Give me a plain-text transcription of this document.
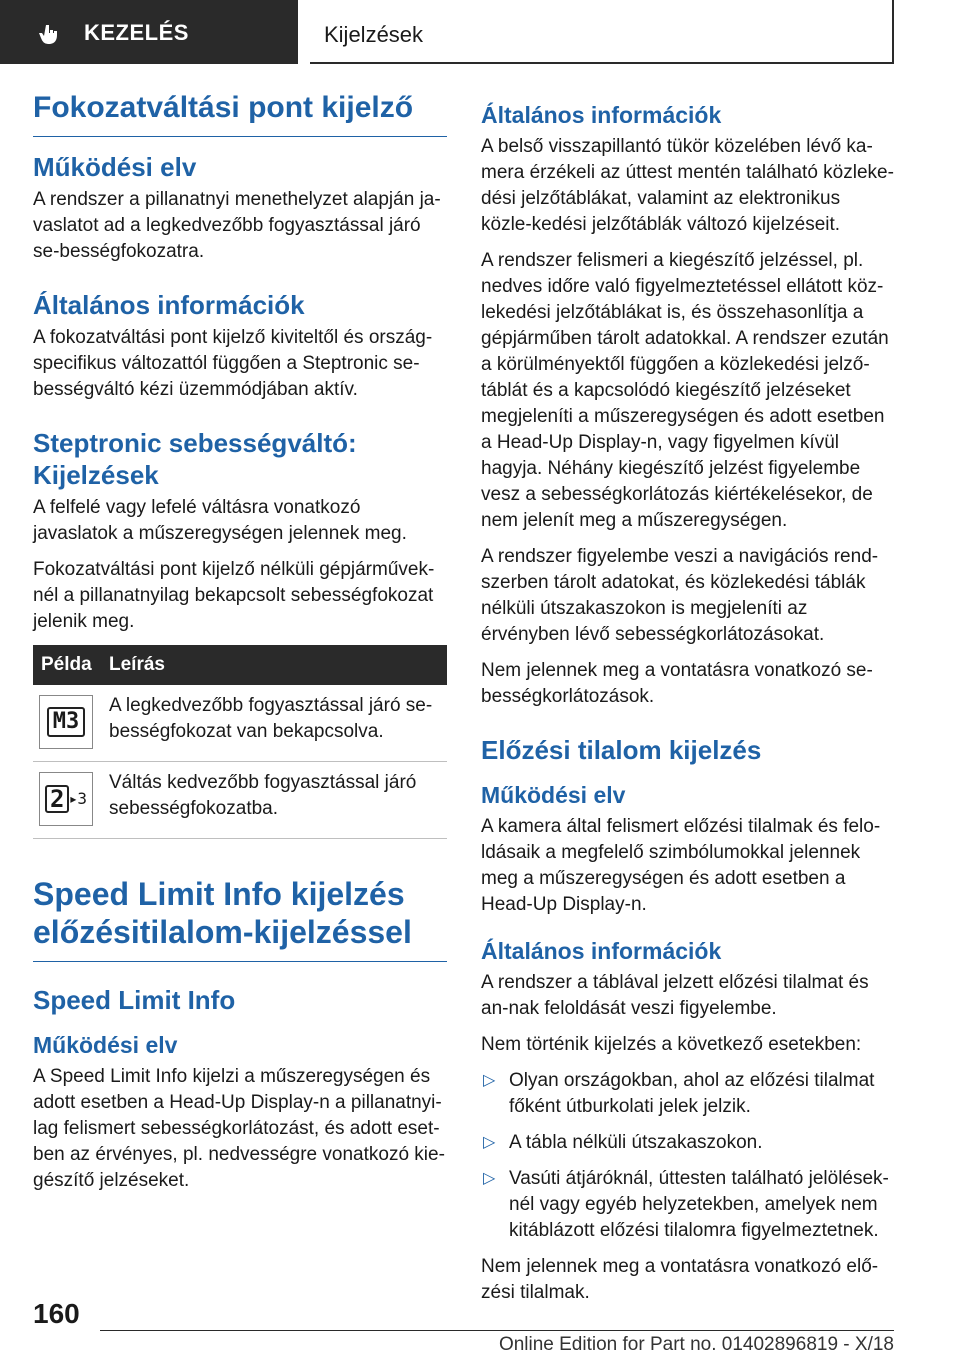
KEZELÉS	Kijelzések
Fokozatváltási pont kijelző
Működési elv

A rendszer a pillanatnyi menethelyzet alapján ja-vaslatot ad a legkedvezőbb fogyasztással járó se-bességfokozatra.

Általános információk

A fokozatváltási pont kijelző kiviteltől és ország-specifikus változattól függően a Steptronic se-bességváltó kézi üzemmódjában aktív.

Steptronic sebességváltó: Kijelzések

A felfelé vagy lefelé váltásra vonatkozó javaslatok a műszeregységen jelennek meg.

Fokozatváltási pont kijelző nélküli gépjárművek-nél a pillanatnyilag bekapcsolt sebességfokozat jelenik meg.

Példa	Leírás

M3	A legkedvezőbb fogyasztással járó se-bességfokozat van bekapcsolva.

2 ▸ 3	Váltás kedvezőbb fogyasztással járó sebességfokozatba.
Speed Limit Info kijelzés előzésitilalom-kijelzéssel
Speed Limit Info
Működési elv

A Speed Limit Info kijelzi a műszeregységen és adott esetben a Head-Up Display-n a pillanatnyi-lag felismert sebességkorlátozást, és adott eset-ben az érvényes, pl. nedvességre vonatkozó kie-gészítő jelzéseket.

Általános információk

A belső visszapillantó tükör közelében lévő ka-mera érzékeli az úttest mentén található közleke-dési jelzőtáblákat, valamint az elektronikus közle-kedési jelzőtáblák változó kijelzéseit.

A rendszer felismeri a kiegészítő jelzéssel, pl. nedves időre való figyelmeztetéssel ellátott köz-lekedési jelzőtáblákat is, és összehasonlítja a gépjárműben tárolt adatokkal. A rendszer ezután a körülményektől függően a közlekedési jelző-táblát és a kapcsolódó kiegészítő jelzéseket megjeleníti a műszeregységen és adott esetben a Head-Up Display-n, vagy figyelmen kívül hagyja. Néhány kiegészítő jelzést figyelembe vesz a sebességkorlátozás kiértékelésekor, de nem jelenít meg a műszeregységen.

A rendszer figyelembe veszi a navigációs rend-szerben tárolt adatokat, és közlekedési táblák nélküli útszakaszokon is megjeleníti az érvényben lévő sebességkorlátozásokat.

Nem jelennek meg a vontatásra vonatkozó se-bességkorlátozások.

Előzési tilalom kijelzés
Működési elv

A kamera által felismert előzési tilalmak és felo-ldásaik a megfelelő szimbólumokkal jelennek meg a műszeregységen és adott esetben a Head-Up Display-n.

Általános információk

A rendszer a táblával jelzett előzési tilalmat és an-nak feloldását veszi figyelembe.

Nem történik kijelzés a következő esetekben:

▷ Olyan országokban, ahol az előzési tilalmat főként útburkolati jelek jelzik.
▷ A tábla nélküli útszakaszokon.
▷ Vasúti átjáróknál, úttesten található jelölések-nél vagy egyéb helyzetekben, amelyek nem kitáblázott előzési tilalomra figyelmeztetnek.

Nem jelennek meg a vontatásra vonatkozó elő-zési tilalmak.

160
Online Edition for Part no. 01402896819 - X/18
